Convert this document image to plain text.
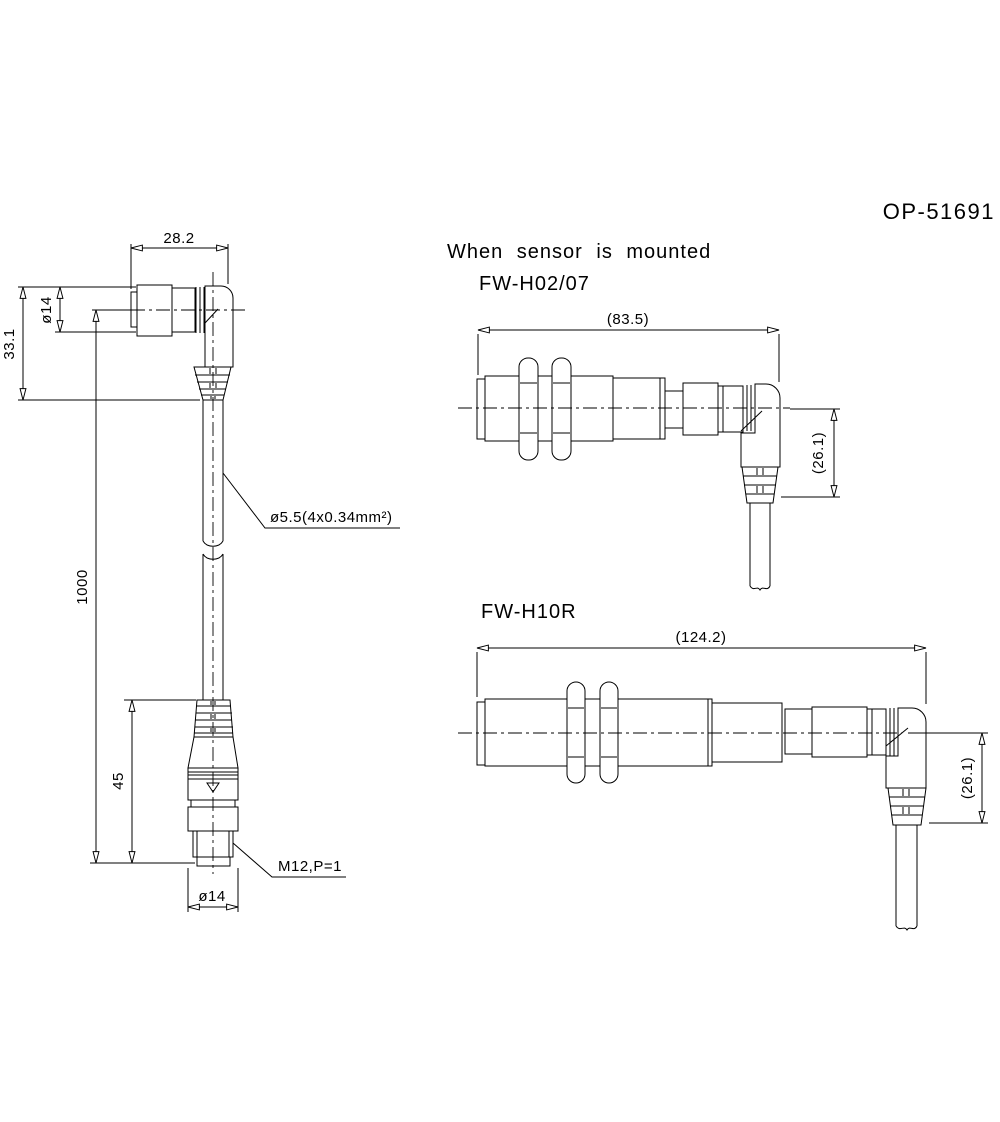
OP-51691
When sensor is mounted
FW-H02/07
FW-H10R
28.2
ø14
33.1
1000
45
ø14
ø5.5(4x0.34mm²)
M12,P=1
(83.5)
(26.1)
(124.2)
(26.1)
